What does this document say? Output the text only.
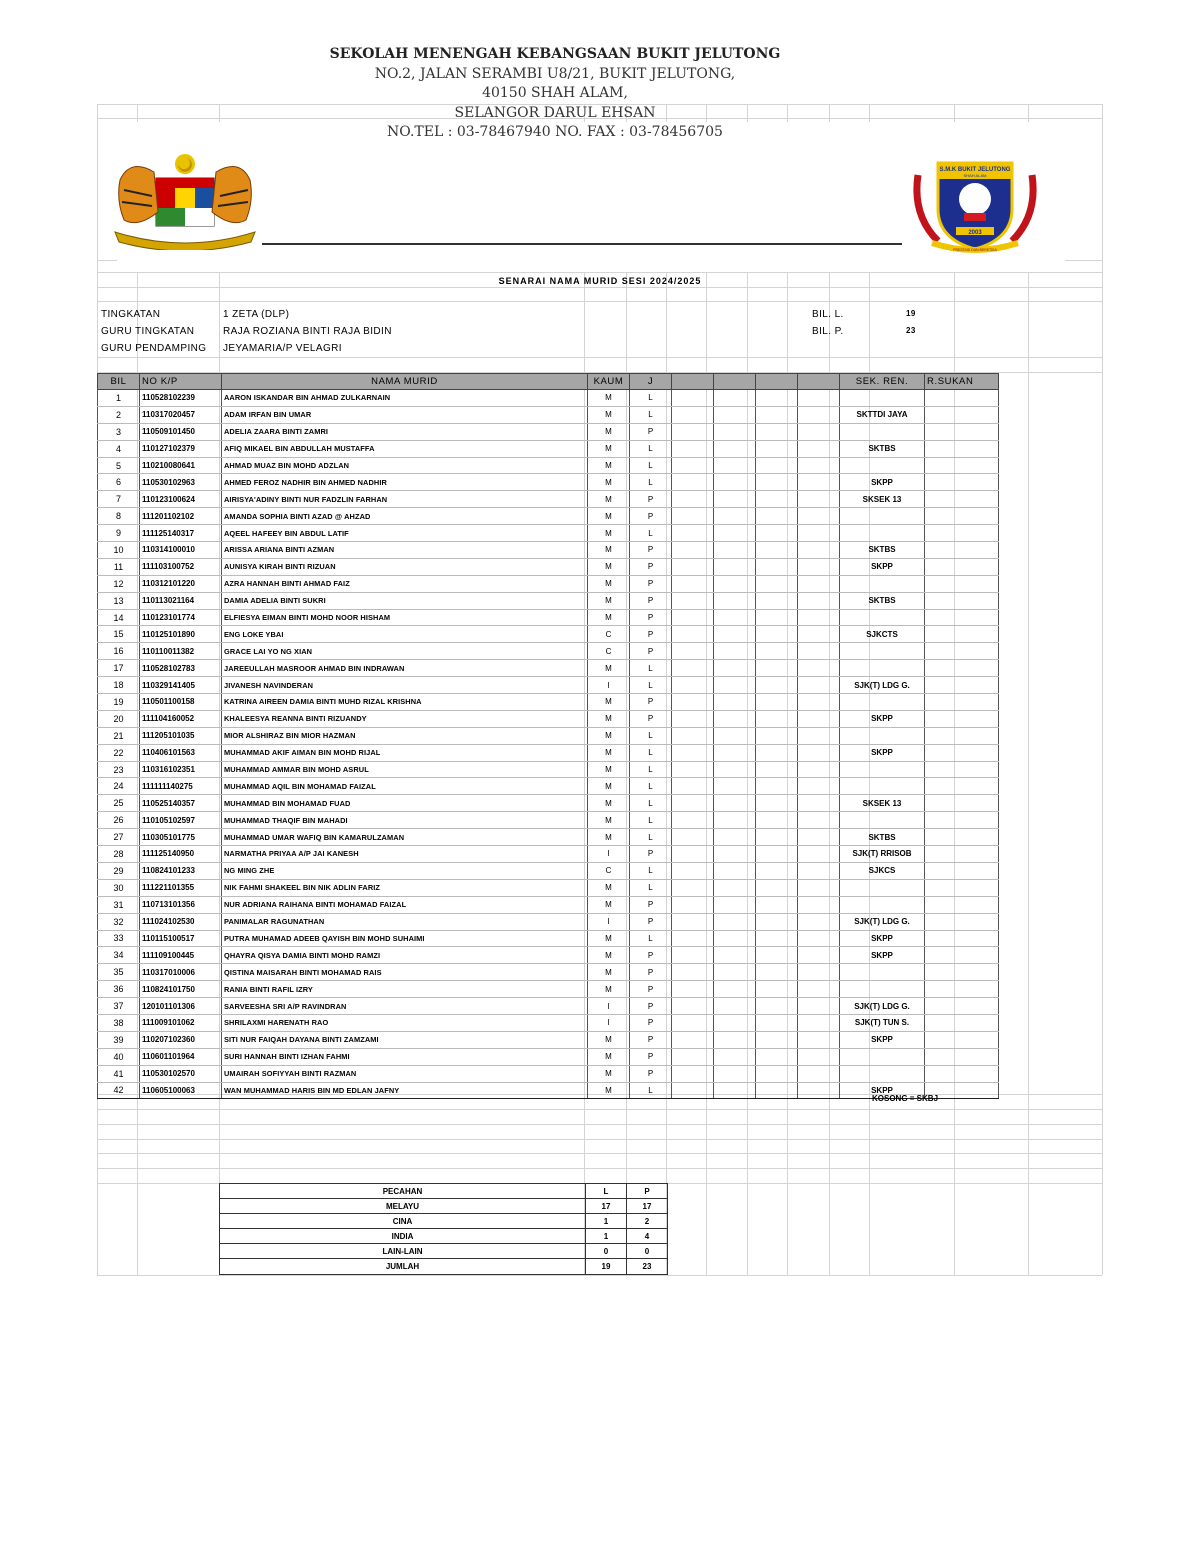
SEKOLAH MENENGAH KEBANGSAAN BUKIT JELUTONG
NO.2, JALAN SERAMBI U8/21, BUKIT JELUTONG,
40150 SHAH ALAM,
SELANGOR DARUL EHSAN
NO.TEL : 03-78467940 NO. FAX : 03-78456705
S.M.K BUKIT JELUTONG
SHAH ALAM
2003
PRESTASI DAN BERETIKA
SENARAI NAMA MURID SESI 2024/2025
TINGKATAN	1 ZETA (DLP)
GURU TINGKATAN	RAJA ROZIANA BINTI RAJA BIDIN
GURU PENDAMPING JEYAMARIA/P VELAGRI
BIL. L.	19
BIL. P.	23
BIL	NO K/P	NAMA MURID	KAUM	J					SEK. REN.	R.SUKAN
1	110528102239	AARON ISKANDAR BIN AHMAD ZULKARNAIN	M	L						
2	110317020457	ADAM IRFAN BIN UMAR	M	L					SKTTDI JAYA	
3	110509101450	ADELIA ZAARA BINTI ZAMRI	M	P						
4	110127102379	AFIQ MIKAEL BIN ABDULLAH MUSTAFFA	M	L					SKTBS	
5	110210080641	AHMAD MUAZ BIN MOHD ADZLAN	M	L						
6	110530102963	AHMED FEROZ NADHIR BIN AHMED NADHIR	M	L					SKPP	
7	110123100624	AIRISYA'ADINY BINTI NUR FADZLIN FARHAN	M	P					SKSEK 13	
8	111201102102	AMANDA SOPHIA BINTI AZAD @ AHZAD	M	P						
9	111125140317	AQEEL HAFEEY BIN ABDUL LATIF	M	L						
10	110314100010	ARISSA ARIANA BINTI AZMAN	M	P					SKTBS	
11	111103100752	AUNISYA KIRAH BINTI RIZUAN	M	P					SKPP	
12	110312101220	AZRA HANNAH BINTI AHMAD FAIZ	M	P						
13	110113021164	DAMIA ADELIA BINTI SUKRI	M	P					SKTBS	
14	110123101774	ELFIESYA EIMAN BINTI MOHD NOOR HISHAM	M	P						
15	110125101890	ENG LOKE YBAI	C	P					SJKCTS	
16	110110011382	GRACE LAI YO NG XIAN	C	P						
17	110528102783	JAREEULLAH MASROOR AHMAD BIN INDRAWAN	M	L						
18	110329141405	JIVANESH NAVINDERAN	I	L					SJK(T) LDG G.	
19	110501100158	KATRINA AIREEN DAMIA BINTI MUHD RIZAL KRISHNA	M	P						
20	111104160052	KHALEESYA REANNA BINTI RIZUANDY	M	P					SKPP	
21	111205101035	MIOR ALSHIRAZ BIN MIOR HAZMAN	M	L						
22	110406101563	MUHAMMAD AKIF AIMAN BIN MOHD RIJAL	M	L					SKPP	
23	110316102351	MUHAMMAD AMMAR BIN MOHD ASRUL	M	L						
24	111111140275	MUHAMMAD AQIL BIN MOHAMAD FAIZAL	M	L						
25	110525140357	MUHAMMAD BIN MOHAMAD FUAD	M	L					SKSEK 13	
26	110105102597	MUHAMMAD THAQIF BIN MAHADI	M	L						
27	110305101775	MUHAMMAD UMAR WAFIQ BIN KAMARULZAMAN	M	L					SKTBS	
28	111125140950	NARMATHA PRIYAA A/P JAI KANESH	I	P					SJK(T) RRISOB	
29	110824101233	NG MING ZHE	C	L					SJKCS	
30	111221101355	NIK FAHMI SHAKEEL BIN NIK ADLIN FARIZ	M	L						
31	110713101356	NUR ADRIANA RAIHANA BINTI MOHAMAD FAIZAL	M	P						
32	111024102530	PANIMALAR RAGUNATHAN	I	P					SJK(T) LDG G.	
33	110115100517	PUTRA MUHAMAD ADEEB QAYISH BIN MOHD SUHAIMI	M	L					SKPP	
34	111109100445	QHAYRA QISYA DAMIA BINTI MOHD RAMZI	M	P					SKPP	
35	110317010006	QISTINA MAISARAH BINTI MOHAMAD RAIS	M	P						
36	110824101750	RANIA BINTI RAFIL IZRY	M	P						
37	120101101306	SARVEESHA SRI A/P RAVINDRAN	I	P					SJK(T) LDG G.	
38	111009101062	SHRILAXMI HARENATH RAO	I	P					SJK(T) TUN S.	
39	110207102360	SITI NUR FAIQAH DAYANA BINTI ZAMZAMI	M	P					SKPP	
40	110601101964	SURI HANNAH BINTI IZHAN FAHMI	M	P						
41	110530102570	UMAIRAH SOFIYYAH BINTI RAZMAN	M	P						
42	110605100063	WAN MUHAMMAD HARIS BIN MD EDLAN JAFNY	M	L					SKPP	
KOSONG = SKBJ
PECAHAN	L	P
MELAYU	17	17
CINA	1	2
INDIA	1	4
LAIN-LAIN	0	0
JUMLAH	19	23
